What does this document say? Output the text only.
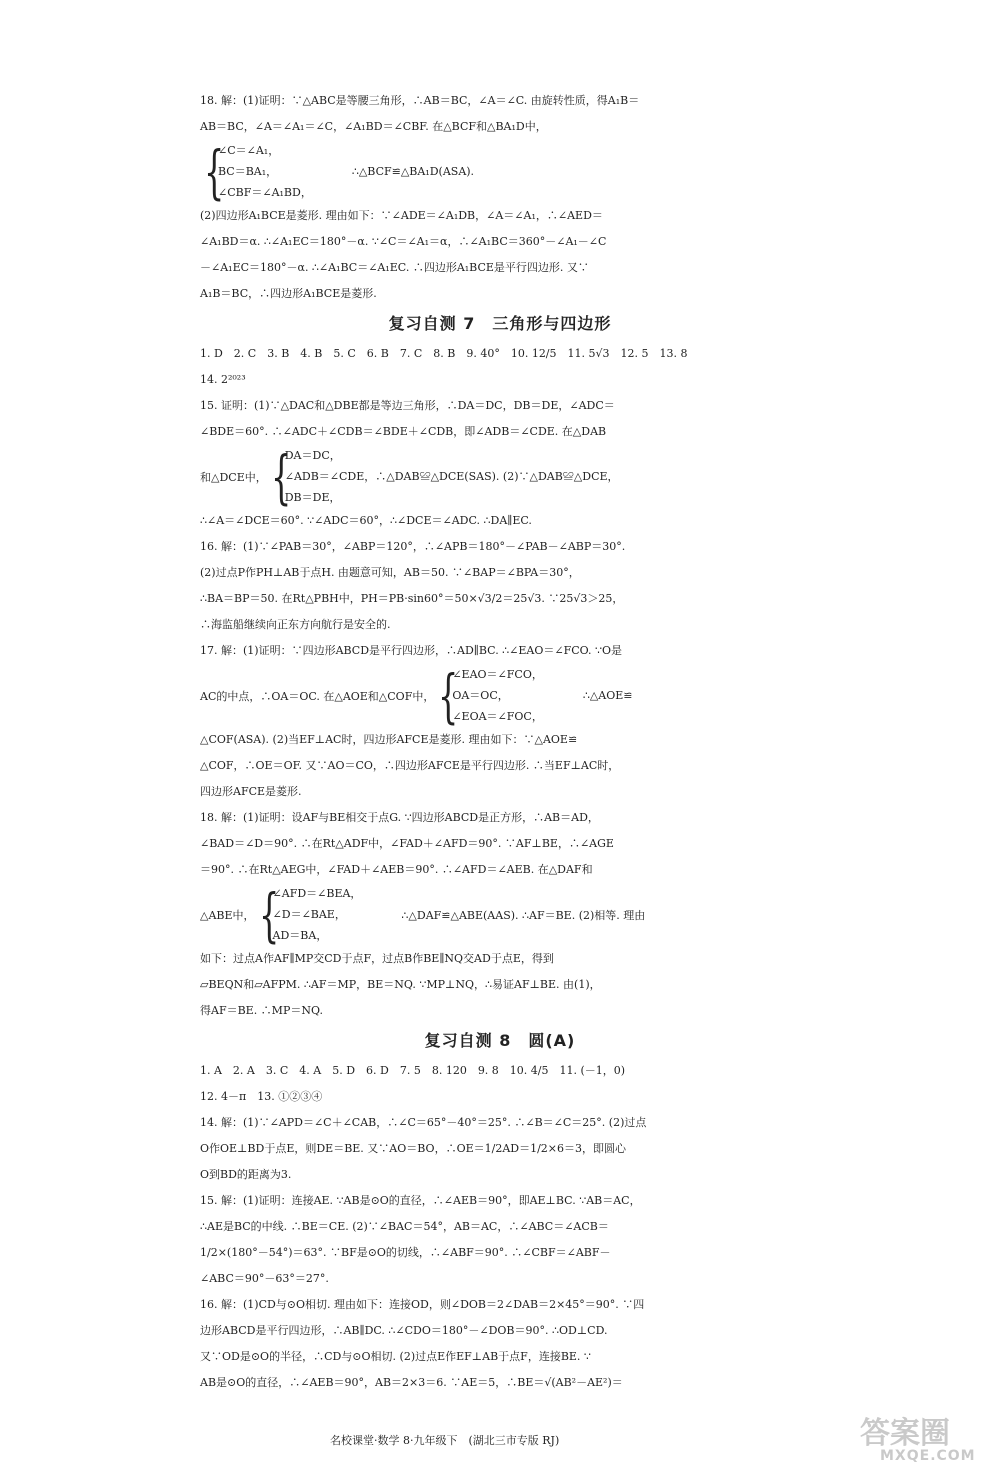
18. 解：(1)证明：∵△ABC是等腰三角形，∴AB＝BC，∠A＝∠C. 由旋转性质，得A₁B＝
AB＝BC，∠A＝∠A₁＝∠C，∠A₁BD＝∠CBF. 在△BCF和△BA₁D中，
{
∠C＝∠A₁，
BC＝BA₁，
∠CBF＝∠A₁BD，
∴△BCF≌△BA₁D(ASA).
(2)四边形A₁BCE是菱形. 理由如下：∵∠ADE＝∠A₁DB，∠A＝∠A₁，∴∠AED＝
∠A₁BD＝α. ∴∠A₁EC＝180°－α. ∵∠C＝∠A₁＝α，∴∠A₁BC＝360°－∠A₁－∠C
－∠A₁EC＝180°－α. ∴∠A₁BC＝∠A₁EC. ∴四边形A₁BCE是平行四边形. 又∵
A₁B＝BC，∴四边形A₁BCE是菱形.
复习自测 7　三角形与四边形
1. D　2. C　3. B　4. B　5. C　6. B　7. C　8. B　9. 40°　10. 12/5　11. 5√3　12. 5　13. 8
14. 2²⁰²³
15. 证明：(1)∵△DAC和△DBE都是等边三角形，∴DA＝DC，DB＝DE，∠ADC＝
∠BDE＝60°. ∴∠ADC＋∠CDB＝∠BDE＋∠CDB，即∠ADB＝∠CDE. 在△DAB
和△DCE中， {
DA＝DC，
∠ADB＝∠CDE，∴△DAB≌△DCE(SAS). (2)∵△DAB≌△DCE，
DB＝DE，
∴∠A＝∠DCE＝60°. ∵∠ADC＝60°，∴∠DCE＝∠ADC. ∴DA∥EC.
16. 解：(1)∵∠PAB＝30°，∠ABP＝120°，∴∠APB＝180°－∠PAB－∠ABP＝30°.
(2)过点P作PH⊥AB于点H. 由题意可知，AB＝50. ∵∠BAP＝∠BPA＝30°，
∴BA＝BP＝50. 在Rt△PBH中，PH＝PB·sin60°＝50×√3/2＝25√3. ∵25√3＞25，
∴海监船继续向正东方向航行是安全的.
17. 解：(1)证明：∵四边形ABCD是平行四边形，∴AD∥BC. ∴∠EAO＝∠FCO. ∵O是
AC的中点，∴OA＝OC. 在△AOE和△COF中， {
∠EAO＝∠FCO，
OA＝OC，
∠EOA＝∠FOC，
∴△AOE≌
△COF(ASA). (2)当EF⊥AC时，四边形AFCE是菱形. 理由如下：∵△AOE≌
△COF，∴OE＝OF. 又∵AO＝CO，∴四边形AFCE是平行四边形. ∴当EF⊥AC时，
四边形AFCE是菱形.
18. 解：(1)证明：设AF与BE相交于点G. ∵四边形ABCD是正方形，∴AB＝AD，
∠BAD＝∠D＝90°. ∴在Rt△ADF中，∠FAD＋∠AFD＝90°. ∵AF⊥BE，∴∠AGE
＝90°. ∴在Rt△AEG中，∠FAD＋∠AEB＝90°. ∴∠AFD＝∠AEB. 在△DAF和
△ABE中， {
∠AFD＝∠BEA，
∠D＝∠BAE，
AD＝BA，
∴△DAF≌△ABE(AAS). ∴AF＝BE. (2)相等. 理由
如下：过点A作AF∥MP交CD于点F，过点B作BE∥NQ交AD于点E，得到
▱BEQN和▱AFPM. ∴AF＝MP，BE＝NQ. ∵MP⊥NQ，∴易证AF⊥BE. 由(1)，
得AF＝BE. ∴MP＝NQ.
复习自测 8　圆(A)
1. A　2. A　3. C　4. A　5. D　6. D　7. 5　8. 120　9. 8　10. 4/5　11. (－1，0)
12. 4－π　13. ①②③④
14. 解：(1)∵∠APD＝∠C＋∠CAB，∴∠C＝65°－40°＝25°. ∴∠B＝∠C＝25°. (2)过点
O作OE⊥BD于点E，则DE＝BE. 又∵AO＝BO，∴OE＝1/2AD＝1/2×6＝3，即圆心
O到BD的距离为3.
15. 解：(1)证明：连接AE. ∵AB是⊙O的直径，∴∠AEB＝90°，即AE⊥BC. ∵AB＝AC，
∴AE是BC的中线. ∴BE＝CE. (2)∵∠BAC＝54°，AB＝AC，∴∠ABC＝∠ACB＝
1/2×(180°－54°)＝63°. ∵BF是⊙O的切线，∴∠ABF＝90°. ∴∠CBF＝∠ABF－
∠ABC＝90°－63°＝27°.
16. 解：(1)CD与⊙O相切. 理由如下：连接OD，则∠DOB＝2∠DAB＝2×45°＝90°. ∵四
边形ABCD是平行四边形，∴AB∥DC. ∴∠CDO＝180°－∠DOB＝90°. ∴OD⊥CD.
又∵OD是⊙O的半径，∴CD与⊙O相切. (2)过点E作EF⊥AB于点F，连接BE. ∵
AB是⊙O的直径，∴∠AEB＝90°，AB＝2×3＝6. ∵AE＝5，∴BE＝√(AB²－AE²)＝
名校课堂·数学 8·九年级下　(湖北三市专版 RJ)	答案圈
MXQE.COM
